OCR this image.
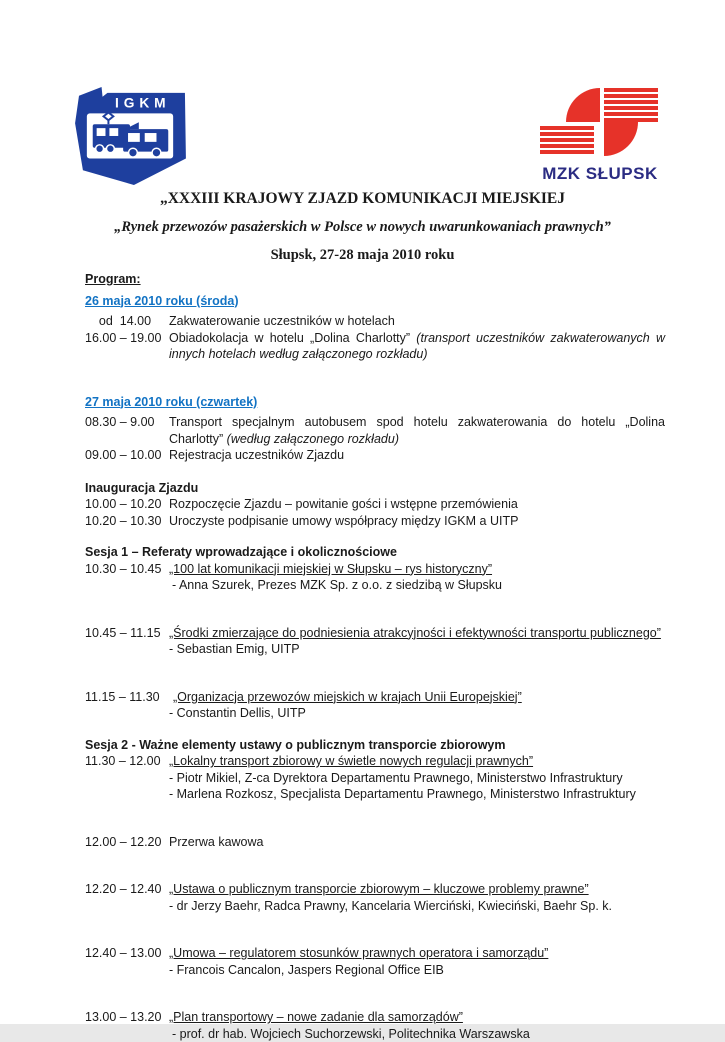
IGKM
MZK SŁUPSK
„XXXIII KRAJOWY ZJAZD KOMUNIKACJI MIEJSKIEJ
„Rynek przewozów pasażerskich w Polsce w nowych uwarunkowaniach prawnych”
Słupsk, 27-28 maja 2010 roku
Program:
26 maja 2010 roku (środa)
od  14.00	Zakwaterowanie uczestników w hotelach
16.00 – 19.00 Obiadokolacja w hotelu „Dolina Charlotty” (transport uczestników zakwaterowanych w innych hotelach według załączonego rozkładu)
27 maja 2010 roku (czwartek)
08.30 – 9.00	Transport specjalnym autobusem spod hotelu zakwaterowania do hotelu „Dolina Charlotty” (według załączonego rozkładu)
09.00 – 10.00 Rejestracja uczestników Zjazdu
Inauguracja Zjazdu
10.00 – 10.20 Rozpoczęcie Zjazdu – powitanie gości i wstępne przemówienia
10.20 – 10.30 Uroczyste podpisanie umowy współpracy między IGKM a UITP
Sesja 1 – Referaty wprowadzające i okolicznościowe
10.30 – 10.45 „100 lat komunikacji miejskiej w Słupsku – rys historyczny”
- Anna Szurek, Prezes MZK Sp. z o.o. z siedzibą w Słupsku
10.45 – 11.15 „Środki zmierzające do podniesienia atrakcyjności i efektywności transportu publicznego”
- Sebastian Emig, UITP
11.15 – 11.30	„Organizacja przewozów miejskich w krajach Unii Europejskiej”
- Constantin Dellis, UITP
Sesja 2 - Ważne elementy ustawy o publicznym transporcie zbiorowym
11.30 – 12.00 „Lokalny transport zbiorowy w świetle nowych regulacji prawnych”
- Piotr Mikiel, Z-ca Dyrektora Departamentu Prawnego, Ministerstwo Infrastruktury
- Marlena Rozkosz, Specjalista Departamentu Prawnego, Ministerstwo Infrastruktury
12.00 – 12.20 Przerwa kawowa
12.20 – 12.40 „Ustawa o publicznym transporcie zbiorowym – kluczowe problemy prawne”
- dr Jerzy Baehr, Radca Prawny, Kancelaria Wierciński, Kwieciński, Baehr Sp. k.
12.40 – 13.00 „Umowa – regulatorem stosunków prawnych operatora i samorządu”
- Francois Cancalon, Jaspers Regional Office EIB
13.00 – 13.20 „Plan transportowy – nowe zadanie dla samorządów”
- prof. dr hab. Wojciech Suchorzewski, Politechnika Warszawska
